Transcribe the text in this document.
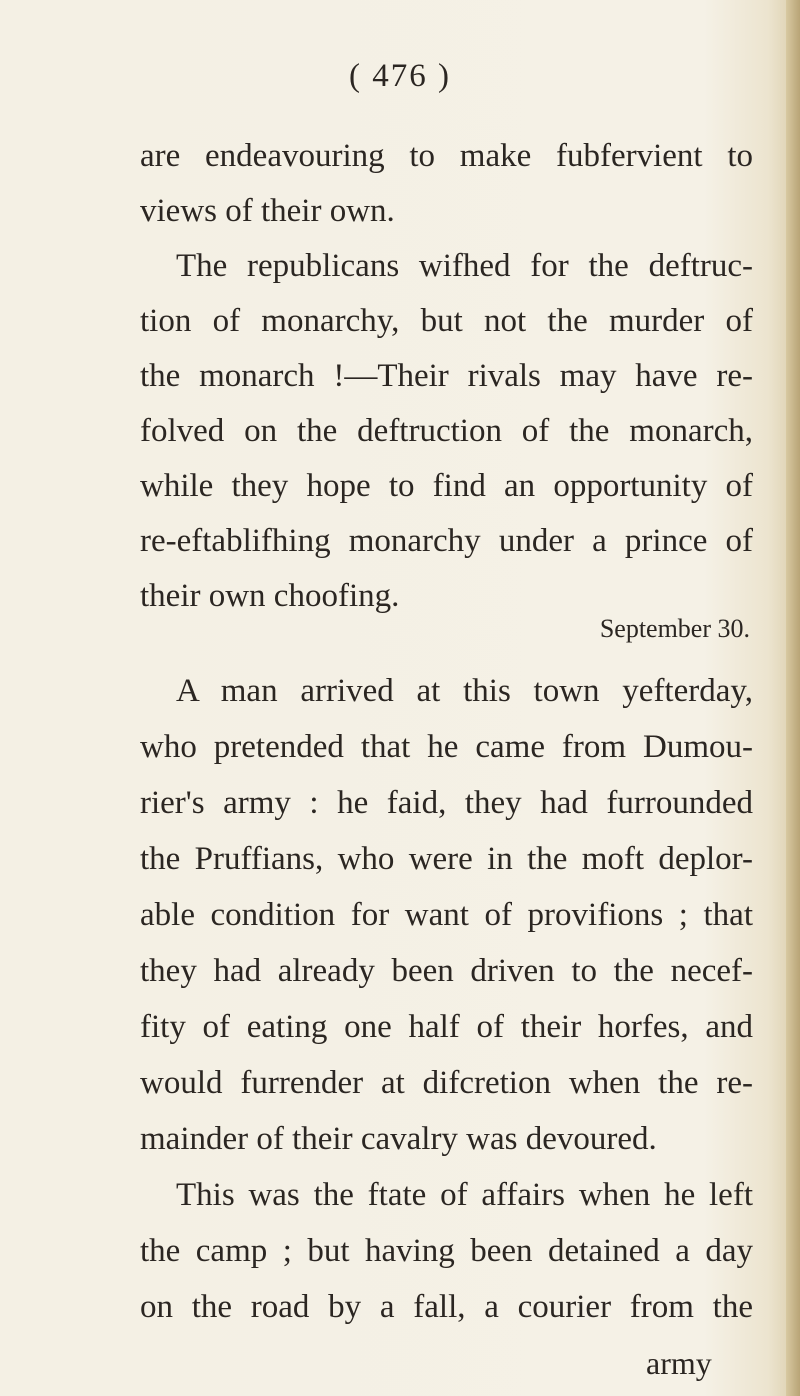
( 476 )
are endeavouring to make fubfervient to
views of their own.
The republicans wifhed for the deftruc-
tion of monarchy, but not the murder of
the monarch !—Their rivals may have re-
folved on the deftruction of the monarch,
while they hope to find an opportunity of
re-eftablifhing monarchy under a prince of
their own choofing.
September 30.
A man arrived at this town yefterday,
who pretended that he came from Dumou-
rier's army : he faid, they had furrounded
the Pruffians, who were in the moft deplor-
able condition for want of provifions ; that
they had already been driven to the necef-
fity of eating one half of their horfes, and
would furrender at difcretion when the re-
mainder of their cavalry was devoured.
This was the ftate of affairs when he left
the camp ; but having been detained a day
on the road by a fall, a courier from the
army
